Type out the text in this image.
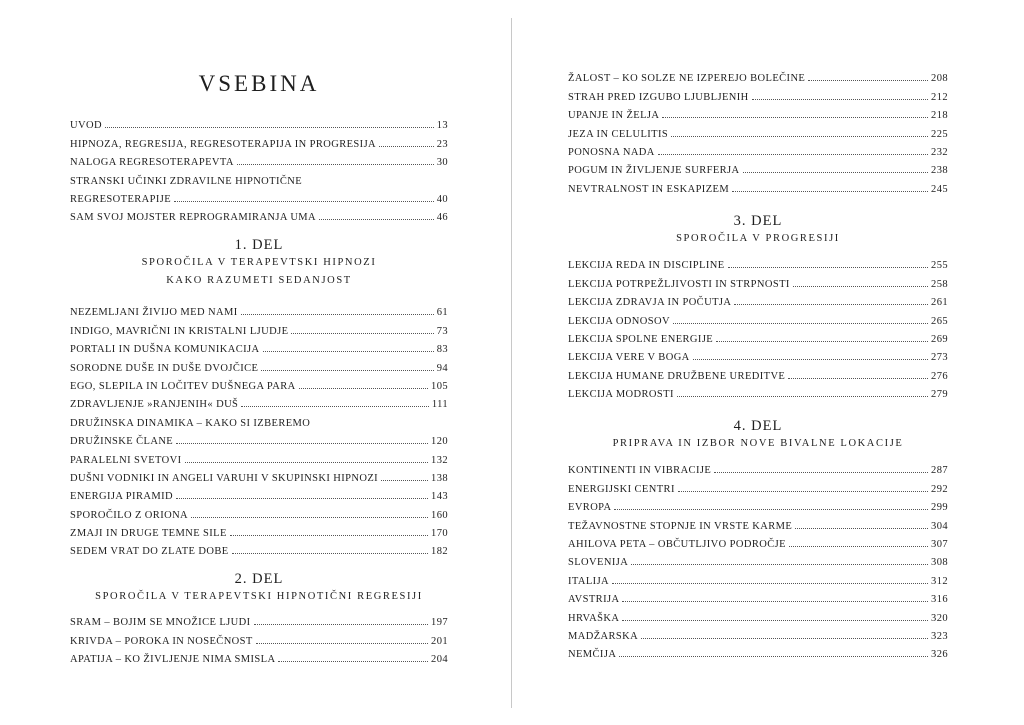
VSEBINA
UVOD	13
HIPNOZA, REGRESIJA, REGRESOTERAPIJA IN PROGRESIJA	23
NALOGA REGRESOTERAPEVTA	30
STRANSKI UČINKI ZDRAVILNE HIPNOTIČNE
REGRESOTERAPIJE	40
SAM SVOJ MOJSTER REPROGRAMIRANJA UMA	46
1. DEL
SPOROČILA V TERAPEVTSKI HIPNOZI
KAKO RAZUMETI SEDANJOST
NEZEMLJANI ŽIVIJO MED NAMI	61
INDIGO, MAVRIČNI IN KRISTALNI LJUDJE	73
PORTALI IN DUŠNA KOMUNIKACIJA	83
SORODNE DUŠE IN DUŠE DVOJČICE	94
EGO, SLEPILA IN LOČITEV DUŠNEGA PARA	105
ZDRAVLJENJE »RANJENIH« DUŠ	111
DRUŽINSKA DINAMIKA – KAKO SI IZBEREMO
DRUŽINSKE ČLANE	120
PARALELNI SVETOVI	132
DUŠNI VODNIKI IN ANGELI VARUHI V SKUPINSKI HIPNOZI	138
ENERGIJA PIRAMID	143
SPOROČILO Z ORIONA	160
ZMAJI IN DRUGE TEMNE SILE	170
SEDEM VRAT DO ZLATE DOBE	182
2. DEL
SPOROČILA V TERAPEVTSKI HIPNOTIČNI REGRESIJI
SRAM – BOJIM SE MNOŽICE LJUDI	197
KRIVDA – POROKA IN NOSEČNOST	201
APATIJA – KO ŽIVLJENJE NIMA SMISLA	204
ŽALOST – KO SOLZE NE IZPEREJO BOLEČINE	208
STRAH PRED IZGUBO LJUBLJENIH	212
UPANJE IN ŽELJA	218
JEZA IN CELULITIS	225
PONOSNA NADA	232
POGUM IN ŽIVLJENJE SURFERJA	238
NEVTRALNOST IN ESKAPIZEM	245
3. DEL
SPOROČILA V PROGRESIJI
LEKCIJA REDA IN DISCIPLINE	255
LEKCIJA POTRPEŽLJIVOSTI IN STRPNOSTI	258
LEKCIJA ZDRAVJA IN POČUTJA	261
LEKCIJA ODNOSOV	265
LEKCIJA SPOLNE ENERGIJE	269
LEKCIJA VERE V BOGA	273
LEKCIJA HUMANE DRUŽBENE UREDITVE	276
LEKCIJA MODROSTI	279
4. DEL
PRIPRAVA IN IZBOR NOVE BIVALNE LOKACIJE
KONTINENTI IN VIBRACIJE	287
ENERGIJSKI CENTRI	292
EVROPA	299
TEŽAVNOSTNE STOPNJE IN VRSTE KARME	304
AHILOVA PETA – OBČUTLJIVO PODROČJE	307
SLOVENIJA	308
ITALIJA	312
AVSTRIJA	316
HRVAŠKA	320
MADŽARSKA	323
NEMČIJA	326
